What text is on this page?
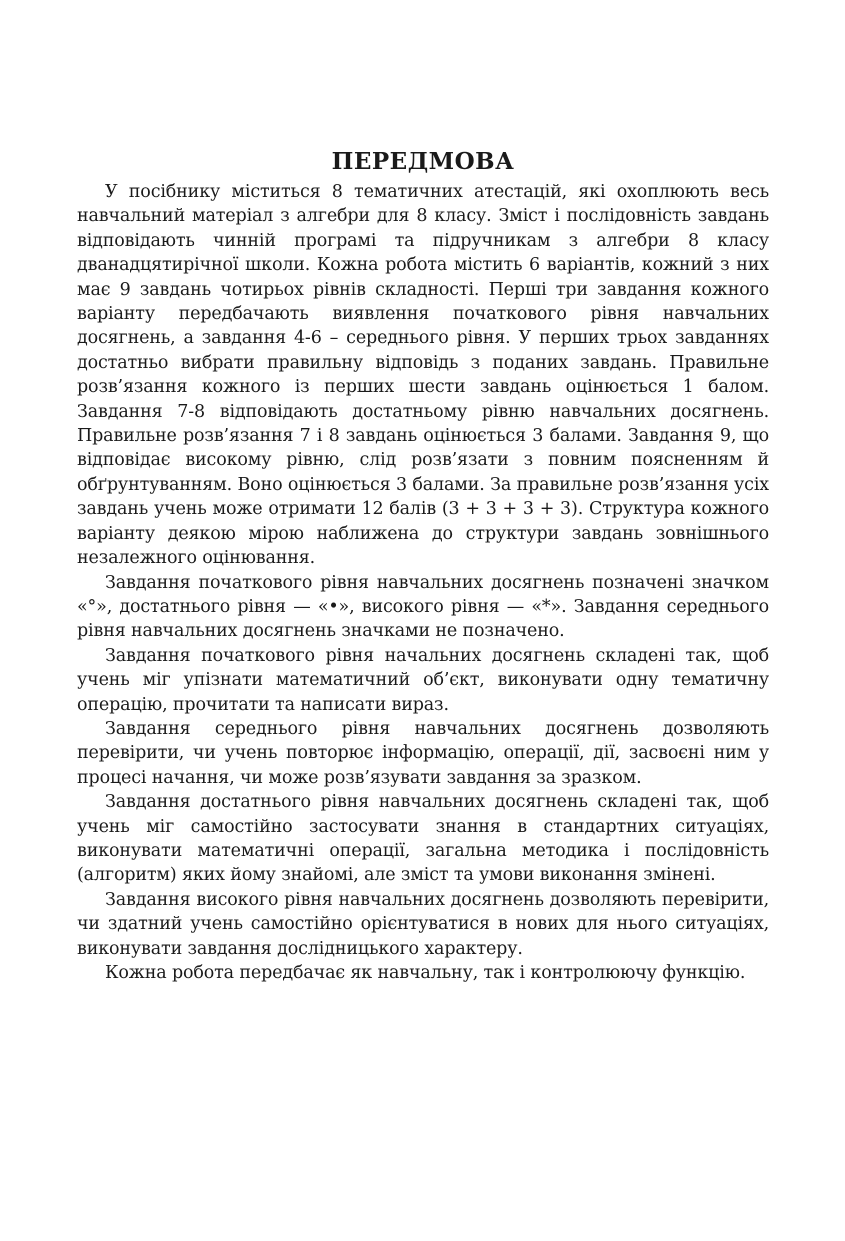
ПЕРЕДМОВА

У посібнику міститься 8 тематичних атестацій, які охоплюють весь навчальний матеріал з алгебри для 8 класу. Зміст і послідовність завдань відповідають чинній програмі та підручникам з алгебри 8 класу дванадцятирічної школи. Кожна робота містить 6 варіантів, кожний з них має 9 завдань чотирьох рівнів складності. Перші три завдання кожного варіанту передбачають виявлення початкового рівня навчальних досягнень, а завдання 4-6 – середнього рівня. У перших трьох завданнях достатньо вибрати правильну відповідь з поданих завдань. Правильне розв’язання кожного із перших шести завдань оцінюється 1 балом. Завдання 7-8 відповідають достатньому рівню навчальних досягнень. Правильне розв’язання 7 і 8 завдань оцінюється 3 балами. Завдання 9, що відповідає високому рівню, слід розв’язати з повним поясненням й обґрунтуванням. Воно оцінюється 3 балами. За правильне розв’язання усіх завдань учень може отримати 12 балів (3 + 3 + 3 + 3). Структура кожного варіанту деякою мірою наближена до структури завдань зовнішнього незалежного оцінювання.

Завдання початкового рівня навчальних досягнень позначені значком «°», достатнього рівня — «•», високого рівня — «*». Завдання середнього рівня навчальних досягнень значками не позначено.

Завдання початкового рівня начальних досягнень складені так, щоб учень міг упізнати математичний об’єкт, виконувати одну тематичну операцію, прочитати та написати вираз.

Завдання середнього рівня навчальних досягнень дозволяють перевірити, чи учень повторює інформацію, операції, дії, засвоєні ним у процесі начання, чи може розв’язувати завдання за зразком.

Завдання достатнього рівня навчальних досягнень складені так, щоб учень міг самостійно застосувати знання в стандартних ситуаціях, виконувати математичні операції, загальна методика і послідовність (алгоритм) яких йому знайомі, але зміст та умови виконання змінені.

Завдання високого рівня навчальних досягнень дозволяють перевірити, чи здатний учень самостійно орієнтуватися в нових для нього ситуаціях, виконувати завдання дослідницького характеру.

Кожна робота передбачає як навчальну, так і контролюючу функцію.
